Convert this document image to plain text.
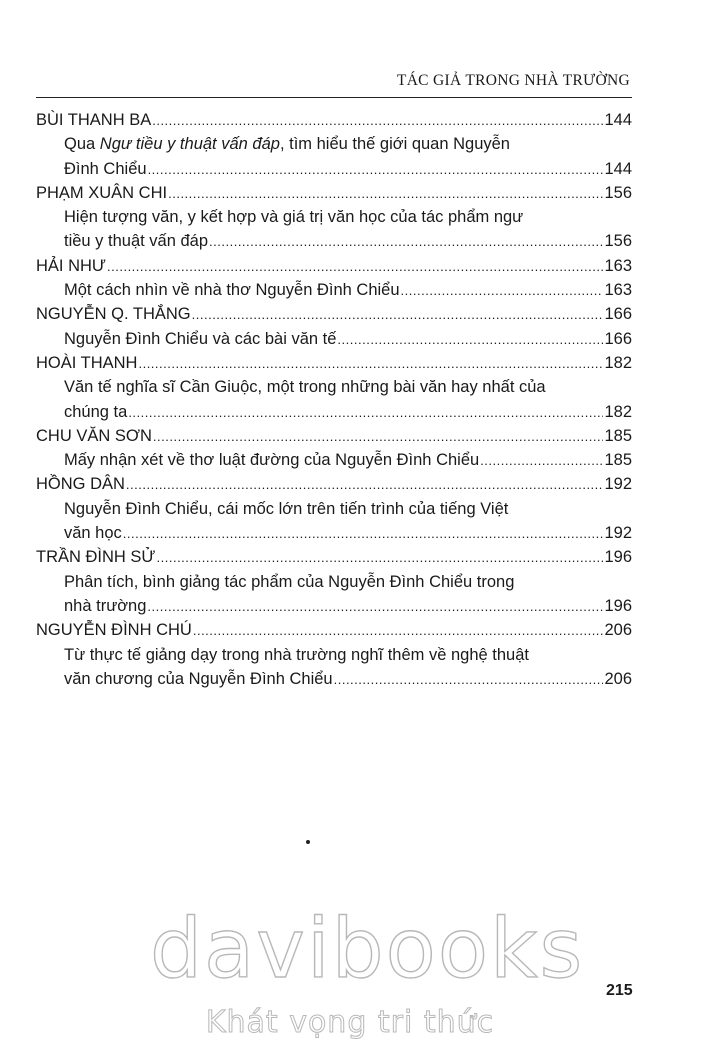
TÁC GIẢ TRONG NHÀ TRƯỜNG
BÙI THANH BA .....	144
Qua Ngư tiều y thuật vấn đáp, tìm hiểu thế giới quan Nguyễn
Đình Chiểu .....	144
PHẠM XUÂN CHI .....	156
Hiện tượng văn, y kết hợp và giá trị văn học của tác phẩm ngư
tiều y thuật vấn đáp .....	156
HẢI NHƯ .....	163
Một cách nhìn về nhà thơ Nguyễn Đình Chiểu .....	163
NGUYỄN Q. THẮNG .....	166
Nguyễn Đình Chiểu và các bài văn tế .....	166
HOÀI THANH .....	182
Văn tế nghĩa sĩ Cần Giuộc, một trong những bài văn hay nhất của
chúng ta .....	182
CHU VĂN SƠN .....	185
Mấy nhận xét về thơ luật đường của Nguyễn Đình Chiểu .....	185
HỒNG DÂN .....	192
Nguyễn Đình Chiểu, cái mốc lớn trên tiến trình của tiếng Việt
văn học .....	192
TRẦN ĐÌNH SỬ .....	196
Phân tích, bình giảng tác phẩm của Nguyễn Đình Chiểu trong
nhà trường .....	196
NGUYỄN ĐÌNH CHÚ .....	206
Từ thực tế giảng dạy trong nhà trường nghĩ thêm về nghệ thuật
văn chương của Nguyễn Đình Chiểu .....	206
davibooks
Khát vọng tri thức
215
